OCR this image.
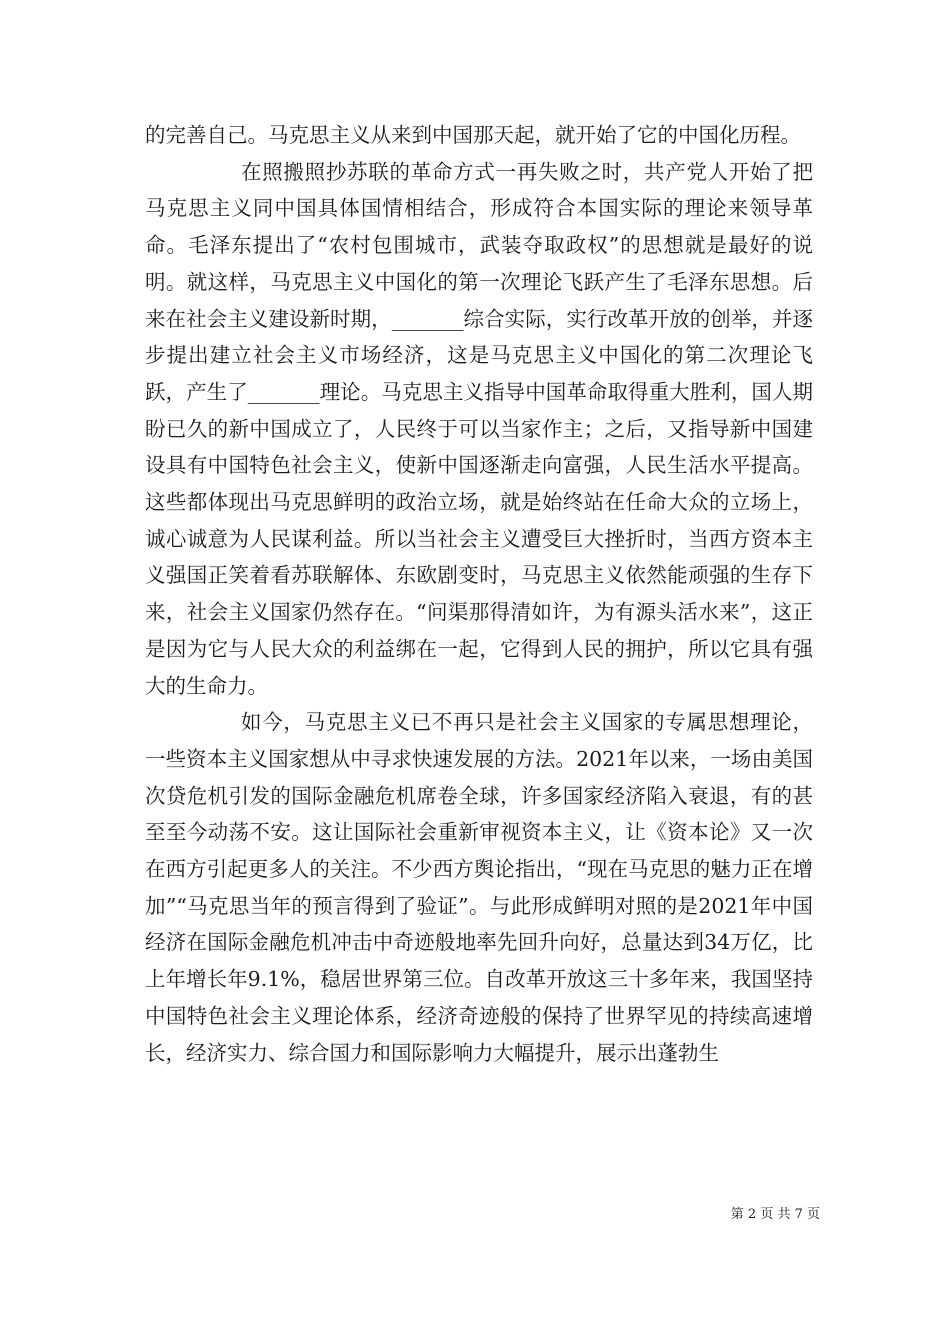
的完善自己。马克思主义从来到中国那天起，就开始了它的中国化历程。

在照搬照抄苏联的革命方式一再失败之时，共产党人开始了把马克思主义同中国具体国情相结合，形成符合本国实际的理论来领导革命。毛泽东提出了“农村包围城市，武装夺取政权”的思想就是最好的说明。就这样，马克思主义中国化的第一次理论飞跃产生了毛泽东思想。后来在社会主义建设新时期，_______综合实际，实行改革开放的创举，并逐步提出建立社会主义市场经济，这是马克思主义中国化的第二次理论飞跃，产生了_______理论。马克思主义指导中国革命取得重大胜利，国人期盼已久的新中国成立了，人民终于可以当家作主；之后，又指导新中国建设具有中国特色社会主义，使新中国逐渐走向富强，人民生活水平提高。这些都体现出马克思鲜明的政治立场，就是始终站在任命大众的立场上，诚心诚意为人民谋利益。所以当社会主义遭受巨大挫折时，当西方资本主义强国正笑着看苏联解体、东欧剧变时，马克思主义依然能顽强的生存下来，社会主义国家仍然存在。“问渠那得清如许，为有源头活水来”，这正是因为它与人民大众的利益绑在一起，它得到人民的拥护，所以它具有强大的生命力。

如今，马克思主义已不再只是社会主义国家的专属思想理论，一些资本主义国家想从中寻求快速发展的方法。2021年以来，一场由美国次贷危机引发的国际金融危机席卷全球，许多国家经济陷入衰退，有的甚至至今动荡不安。这让国际社会重新审视资本主义，让《资本论》又一次在西方引起更多人的关注。不少西方舆论指出，“现在马克思的魅力正在增加”“马克思当年的预言得到了验证”。与此形成鲜明对照的是2021年中国经济在国际金融危机冲击中奇迹般地率先回升向好，总量达到34万亿，比上年增长年9.1%，稳居世界第三位。自改革开放这三十多年来，我国坚持中国特色社会主义理论体系，经济奇迹般的保持了世界罕见的持续高速增长，经济实力、综合国力和国际影响力大幅提升，展示出蓬勃生

第 2 页 共 7 页
